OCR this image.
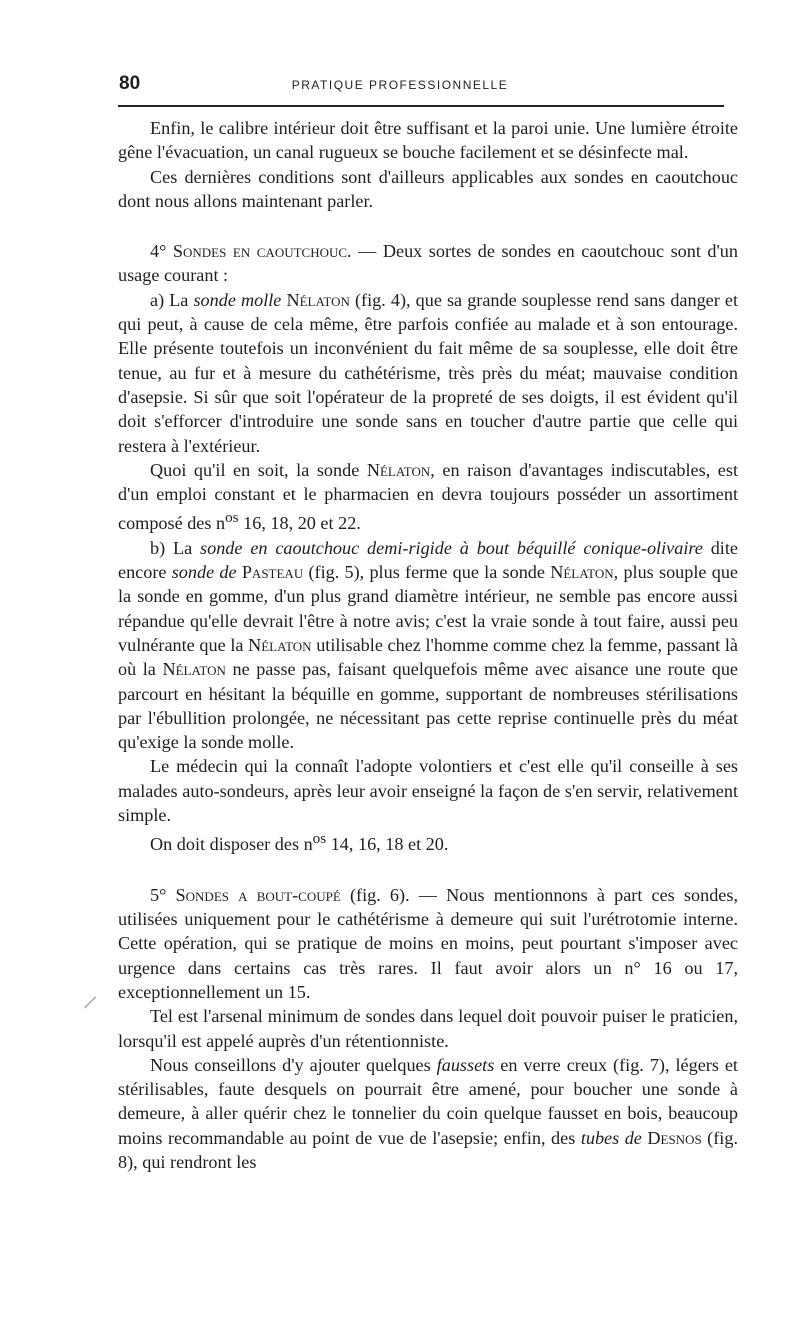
80	PRATIQUE PROFESSIONNELLE

Enfin, le calibre intérieur doit être suffisant et la paroi unie. Une lumière étroite gêne l'évacuation, un canal rugueux se bouche facilement et se désinfecte mal.

Ces dernières conditions sont d'ailleurs applicables aux sondes en caoutchouc dont nous allons maintenant parler.

4° Sondes en caoutchouc. — Deux sortes de sondes en caoutchouc sont d'un usage courant :

a) La sonde molle Nélaton (fig. 4), que sa grande souplesse rend sans danger et qui peut, à cause de cela même, être parfois confiée au malade et à son entourage. Elle présente toutefois un inconvénient du fait même de sa souplesse, elle doit être tenue, au fur et à mesure du cathétérisme, très près du méat; mauvaise condition d'asepsie. Si sûr que soit l'opérateur de la propreté de ses doigts, il est évident qu'il doit s'efforcer d'introduire une sonde sans en toucher d'autre partie que celle qui restera à l'extérieur.

Quoi qu'il en soit, la sonde Nélaton, en raison d'avantages indiscutables, est d'un emploi constant et le pharmacien en devra toujours posséder un assortiment composé des $n^{os}$ 16, 18, 20 et 22.

b) La sonde en caoutchouc demi-rigide à bout béquillé conique-olivaire dite encore sonde de Pasteau (fig. 5), plus ferme que la sonde Nélaton, plus souple que la sonde en gomme, d'un plus grand diamètre intérieur, ne semble pas encore aussi répandue qu'elle devrait l'être à notre avis; c'est la vraie sonde à tout faire, aussi peu vulnérante que la Nélaton utilisable chez l'homme comme chez la femme, passant là où la Nélaton ne passe pas, faisant quelquefois même avec aisance une route que parcourt en hésitant la béquille en gomme, supportant de nombreuses stérilisations par l'ébullition prolongée, ne nécessitant pas cette reprise continuelle près du méat qu'exige la sonde molle.

Le médecin qui la connaît l'adopte volontiers et c'est elle qu'il conseille à ses malades auto-sondeurs, après leur avoir enseigné la façon de s'en servir, relativement simple.

On doit disposer des $n^{os}$ 14, 16, 18 et 20.

5° Sondes a bout-coupé (fig. 6). — Nous mentionnons à part ces sondes, utilisées uniquement pour le cathétérisme à demeure qui suit l'urétrotomie interne. Cette opération, qui se pratique de moins en moins, peut pourtant s'imposer avec urgence dans certains cas très rares. Il faut avoir alors un n° 16 ou 17, exceptionnellement un 15.

Tel est l'arsenal minimum de sondes dans lequel doit pouvoir puiser le praticien, lorsqu'il est appelé auprès d'un rétentionniste.

Nous conseillons d'y ajouter quelques faussets en verre creux (fig. 7), légers et stérilisables, faute desquels on pourrait être amené, pour boucher une sonde à demeure, à aller quérir chez le tonnelier du coin quelque fausset en bois, beaucoup moins recommandable au point de vue de l'asepsie; enfin, des tubes de Desnos (fig. 8), qui rendront les
